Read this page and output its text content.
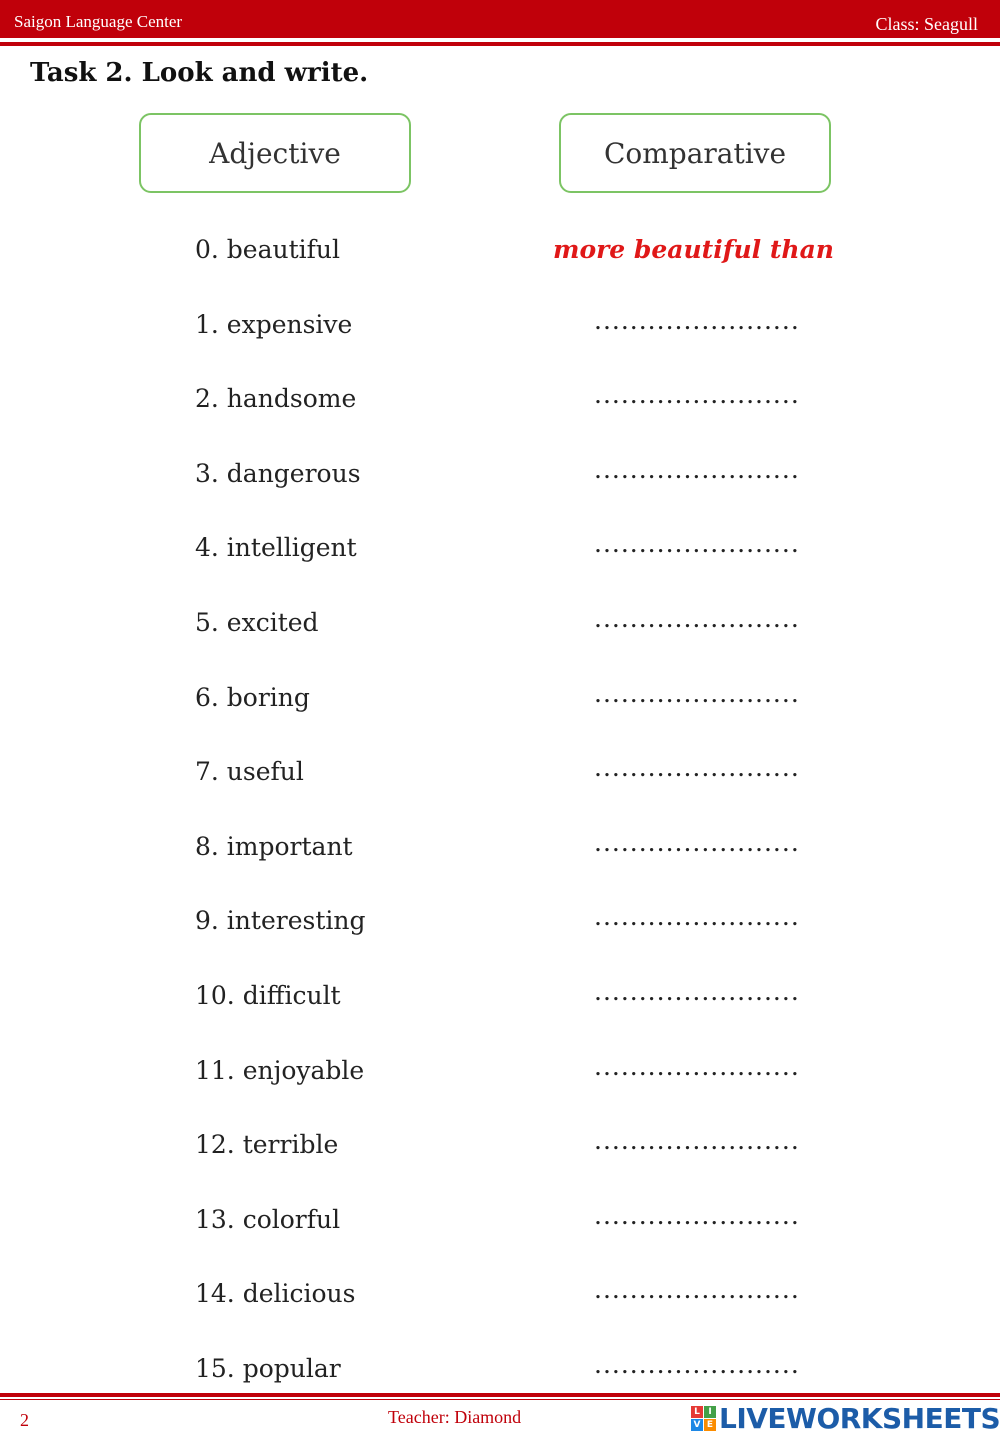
Saigon Language Center	Class: Seagull
Task 2. Look and write.
Adjective	Comparative
0. beautiful	more beautiful than
1. expensive	.......................
2. handsome	.......................
3. dangerous	.......................
4. intelligent	.......................
5. excited	.......................
6. boring	.......................
7. useful	.......................
8. important	.......................
9. interesting	.......................
10. difficult	.......................
11. enjoyable	.......................
12. terrible	.......................
13. colorful	.......................
14. delicious	.......................
15. popular	.......................
2	Teacher: Diamond	L I
V E LIVEWORKSHEETS
